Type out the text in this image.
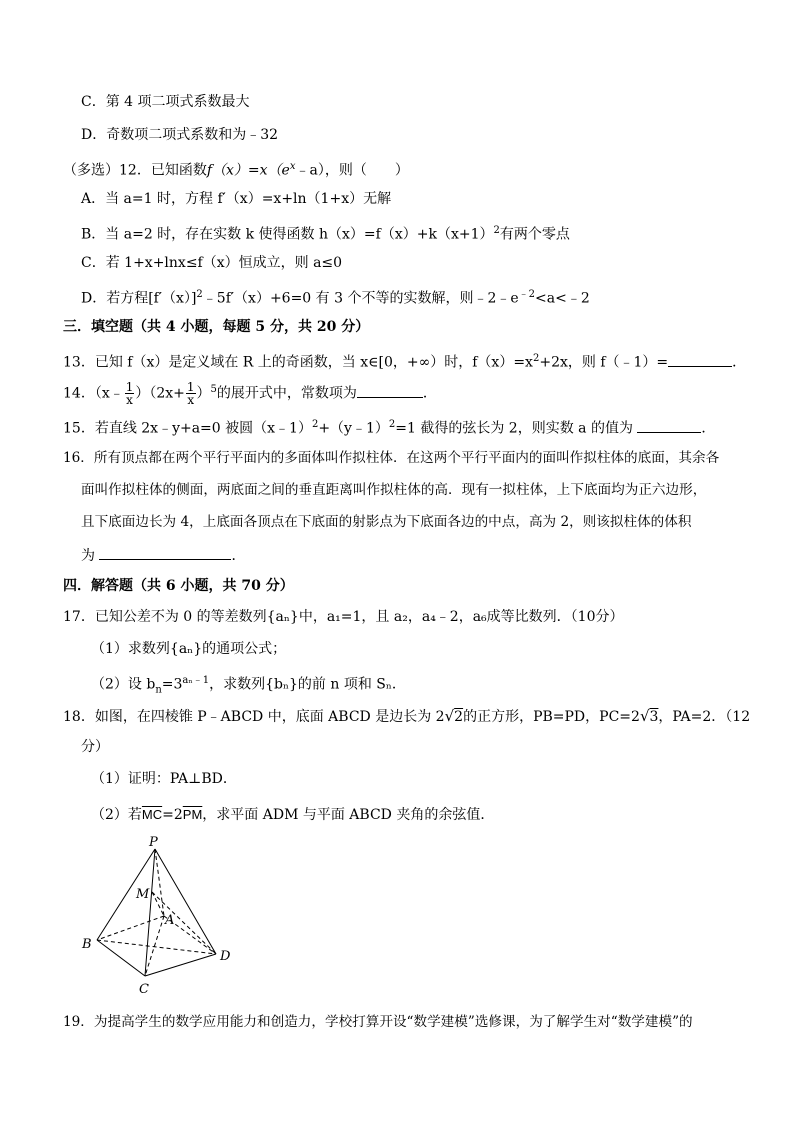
C．第 4 项二项式系数最大
D．奇数项二项式系数和为﹣32
（多选）12．已知函数$f(x)=x(e^x﹣a)$，则（　　）
A．当 a=1 时，方程 f′（x）=x+ln（1+x）无解
B．当 a=2 时，存在实数 k 使得函数 $h(x)=f(x)+k(x+1)^2$有两个零点
C．若 1+x+lnx≤f（x）恒成立，则 a≤0
D．若方程$[f'(x)]^2﹣5f'(x)+6=0$ 有 3 个不等的实数解，则$﹣2﹣e^{﹣2}<a<﹣2$
三．填空题（共 4 小题，每题 5 分，共 20 分）
13．已知 f（x）是定义域在 R 上的奇函数，当 x∈[0，+∞）时，$f(x)=x^2+2x$，则 f（﹣1）=	．
14．（x﹣ $\frac{1}{x} )(2x+ \frac{1}{x} )^5$的展开式中，常数项为	．
15．若直线 2x﹣y+a=0 被圆（x﹣1）$^2$+（y﹣1）$^2$=1 截得的弦长为 2，则实数 a 的值为	．
16．所有顶点都在两个平行平面内的多面体叫作拟柱体．在这两个平行平面内的面叫作拟柱体的底面，其余各
面叫作拟柱体的侧面，两底面之间的垂直距离叫作拟柱体的高．现有一拟柱体，上下底面均为正六边形，
且下底面边长为 4，上底面各顶点在下底面的射影点为下底面各边的中点，高为 2，则该拟柱体的体积
为	．
四．解答题（共 6 小题，共 70 分）
17．已知公差不为 0 的等差数列{aₙ}中，a₁=1，且 a₂，a₄﹣2，a₆成等比数列．（10分）
（1）求数列{aₙ}的通项公式；
（2）设 $b_n=3^{a_n﹣1}$，求数列{bₙ}的前 n 项和 Sₙ．
18．如图，在四棱锥 P﹣ABCD 中，底面 ABCD 是边长为 2√2的正方形，PB=PD，PC=2√3，PA=2．（12
分）
（1）证明：PA⊥BD．
（2）若$\overline{MC}=2\overline{PM}$，求平面 ADM 与平面 ABCD 夹角的余弦值．
P
M
A
B
C
D
19．为提高学生的数学应用能力和创造力，学校打算开设“数学建模”选修课，为了解学生对“数学建模”的
